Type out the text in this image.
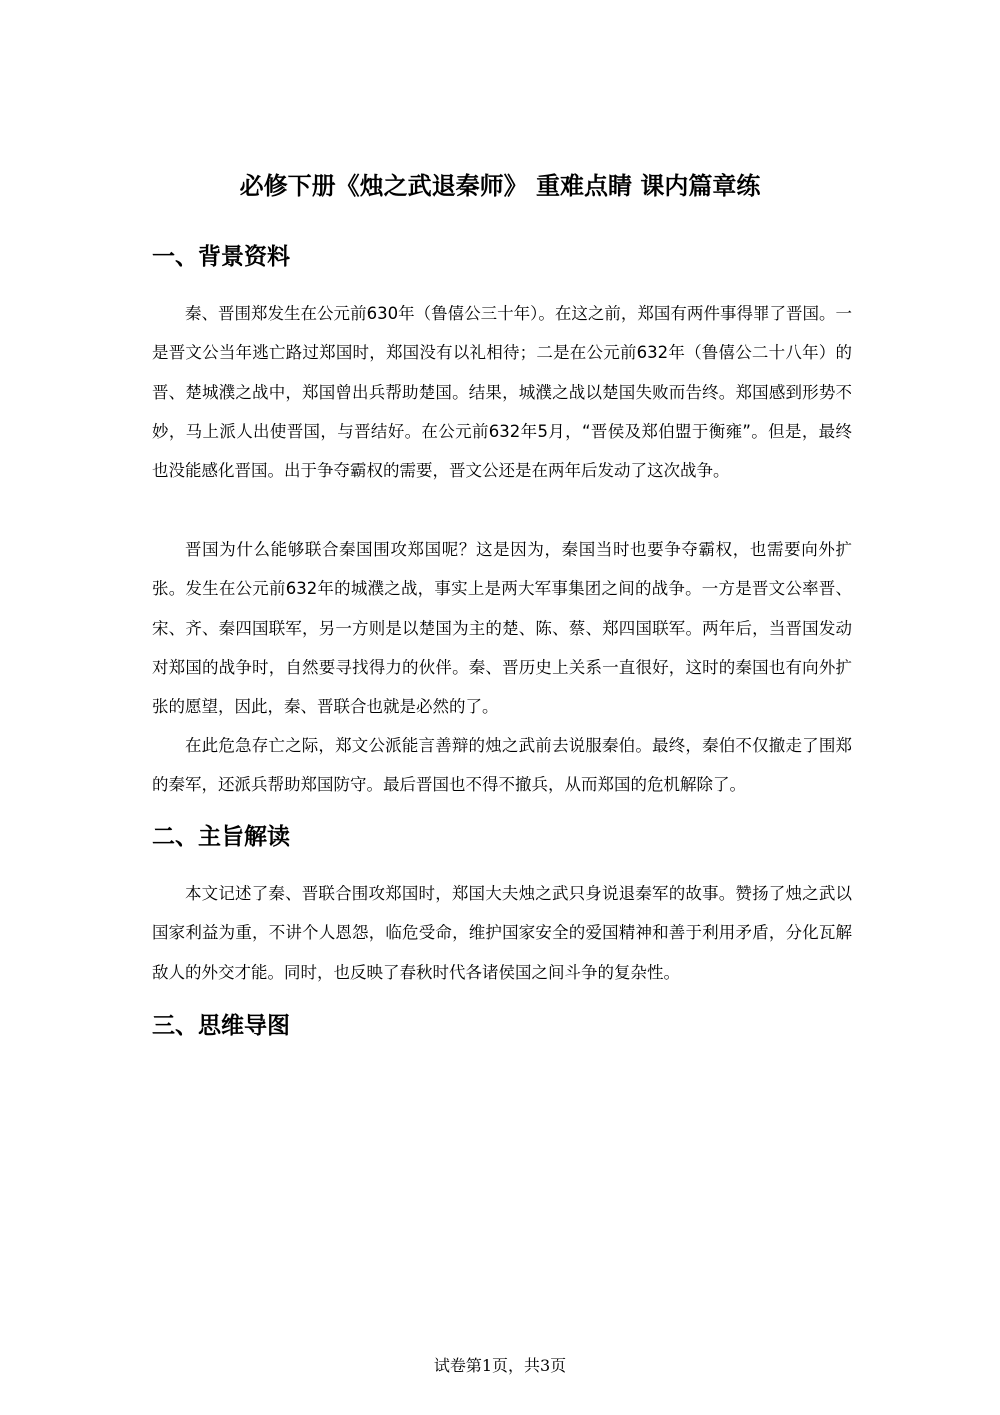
必修下册《烛之武退秦师》 重难点睛 课内篇章练
一、背景资料

秦、晋围郑发生在公元前630年（鲁僖公三十年）。在这之前，郑国有两件事得罪了晋国。一是晋文公当年逃亡路过郑国时，郑国没有以礼相待；二是在公元前632年（鲁僖公二十八年）的晋、楚城濮之战中，郑国曾出兵帮助楚国。结果，城濮之战以楚国失败而告终。郑国感到形势不妙，马上派人出使晋国，与晋结好。在公元前632年5月，“晋侯及郑伯盟于衡雍”。但是，最终也没能感化晋国。出于争夺霸权的需要，晋文公还是在两年后发动了这次战争。

晋国为什么能够联合秦国围攻郑国呢？这是因为，秦国当时也要争夺霸权，也需要向外扩张。发生在公元前632年的城濮之战，事实上是两大军事集团之间的战争。一方是晋文公率晋、宋、齐、秦四国联军，另一方则是以楚国为主的楚、陈、蔡、郑四国联军。两年后，当晋国发动对郑国的战争时，自然要寻找得力的伙伴。秦、晋历史上关系一直很好，这时的秦国也有向外扩张的愿望，因此，秦、晋联合也就是必然的了。

在此危急存亡之际，郑文公派能言善辩的烛之武前去说服秦伯。最终，秦伯不仅撤走了围郑的秦军，还派兵帮助郑国防守。最后晋国也不得不撤兵，从而郑国的危机解除了。

二、主旨解读

本文记述了秦、晋联合围攻郑国时，郑国大夫烛之武只身说退秦军的故事。赞扬了烛之武以国家利益为重，不讲个人恩怨，临危受命，维护国家安全的爱国精神和善于利用矛盾，分化瓦解敌人的外交才能。同时，也反映了春秋时代各诸侯国之间斗争的复杂性。

三、思维导图
试卷第1页，共3页
